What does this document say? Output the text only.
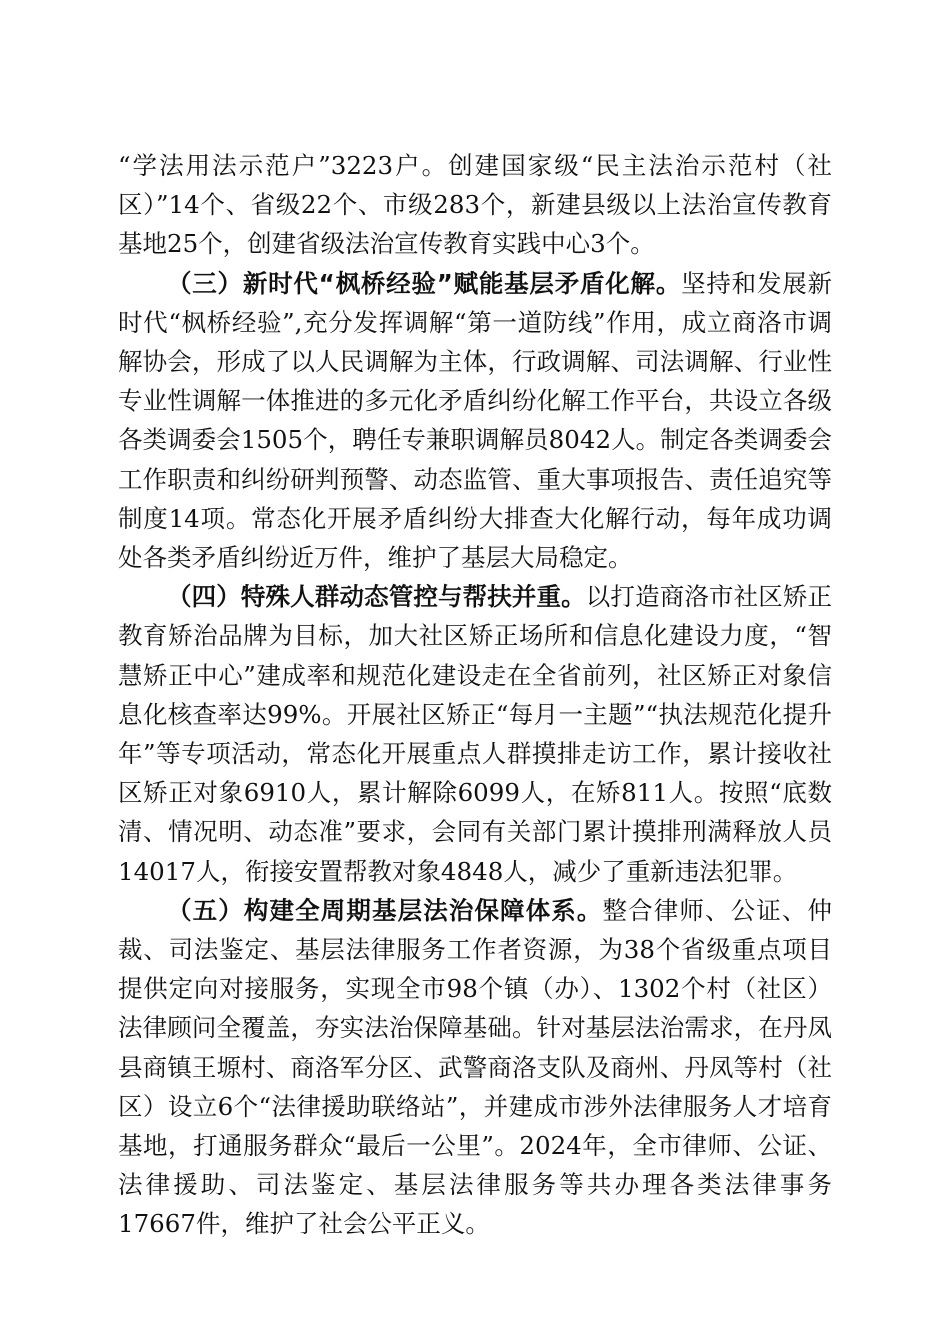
“学法用法示范户”3223户。创建国家级“民主法治示范村（社区）”14个、省级22个、市级283个，新建县级以上法治宣传教育基地25个，创建省级法治宣传教育实践中心3个。

（三）新时代“枫桥经验”赋能基层矛盾化解。坚持和发展新时代“枫桥经验”,充分发挥调解“第一道防线”作用，成立商洛市调解协会，形成了以人民调解为主体，行政调解、司法调解、行业性专业性调解一体推进的多元化矛盾纠纷化解工作平台，共设立各级各类调委会1505个，聘任专兼职调解员8042人。制定各类调委会工作职责和纠纷研判预警、动态监管、重大事项报告、责任追究等制度14项。常态化开展矛盾纠纷大排查大化解行动，每年成功调处各类矛盾纠纷近万件，维护了基层大局稳定。

（四）特殊人群动态管控与帮扶并重。以打造商洛市社区矫正教育矫治品牌为目标，加大社区矫正场所和信息化建设力度，“智慧矫正中心”建成率和规范化建设走在全省前列，社区矫正对象信息化核查率达99%。开展社区矫正“每月一主题”“执法规范化提升年”等专项活动，常态化开展重点人群摸排走访工作，累计接收社区矫正对象6910人，累计解除6099人，在矫811人。按照“底数清、情况明、动态准”要求，会同有关部门累计摸排刑满释放人员14017人，衔接安置帮教对象4848人，减少了重新违法犯罪。

（五）构建全周期基层法治保障体系。整合律师、公证、仲裁、司法鉴定、基层法律服务工作者资源，为38个省级重点项目提供定向对接服务，实现全市98个镇（办）、1302个村（社区）法律顾问全覆盖，夯实法治保障基础。针对基层法治需求，在丹凤县商镇王塬村、商洛军分区、武警商洛支队及商州、丹凤等村（社区）设立6个“法律援助联络站”，并建成市涉外法律服务人才培育基地，打通服务群众“最后一公里”。2024年，全市律师、公证、法律援助、司法鉴定、基层法律服务等共办理各类法律事务17667件，维护了社会公平正义。
